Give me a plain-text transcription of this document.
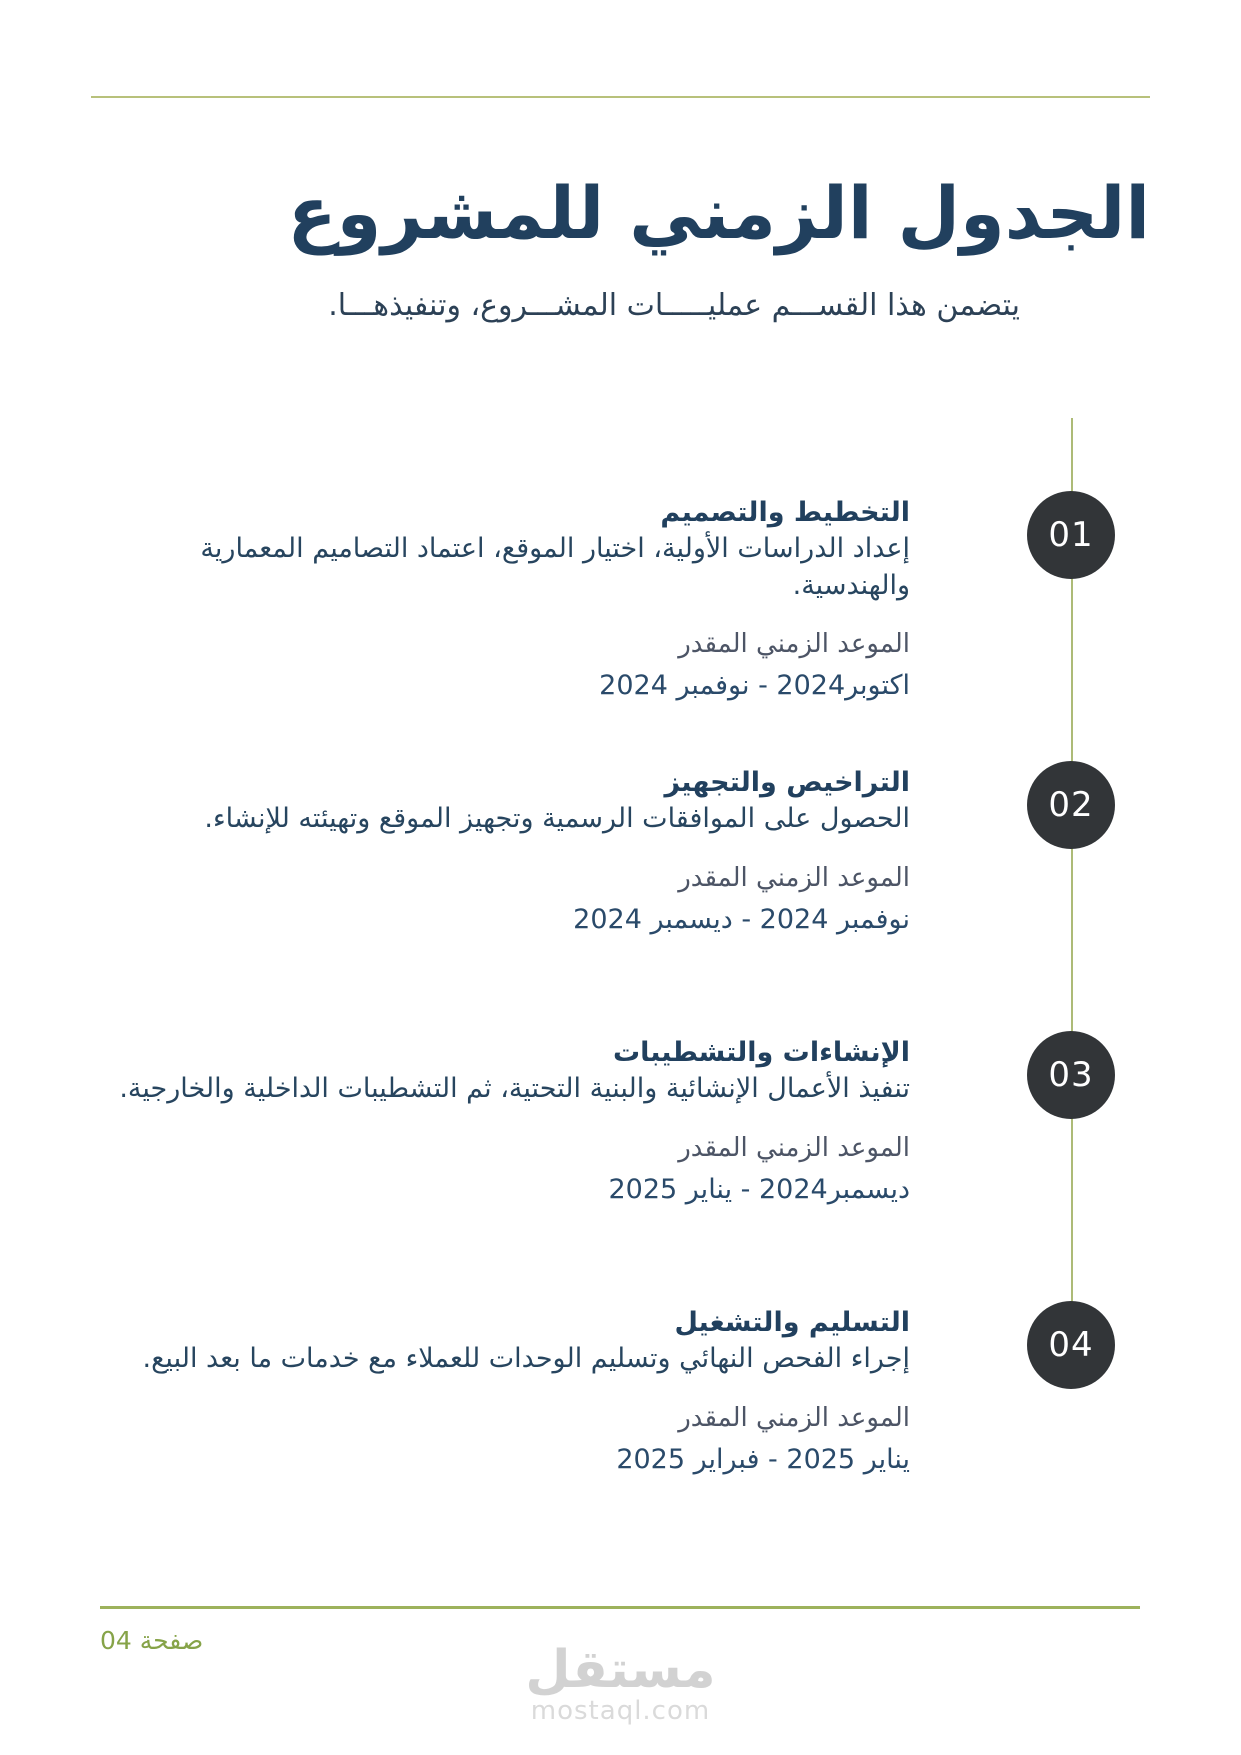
الجدول الزمني للمشروع

يتضمن هذا القســـم عمليـــــات المشـــروع، وتنفيذهـــا.

01
التخطيط والتصميم
إعداد الدراسات الأولية، اختيار الموقع، اعتماد التصاميم المعمارية والهندسية.
الموعد الزمني المقدر
اكتوبر2024 - نوفمبر 2024
02
التراخيص والتجهيز
الحصول على الموافقات الرسمية وتجهيز الموقع وتهيئته للإنشاء.
الموعد الزمني المقدر
نوفمبر 2024 - ديسمبر 2024
03
الإنشاءات والتشطيبات
تنفيذ الأعمال الإنشائية والبنية التحتية، ثم التشطيبات الداخلية والخارجية.
الموعد الزمني المقدر
ديسمبر2024 - يناير 2025
04
التسليم والتشغيل
إجراء الفحص النهائي وتسليم الوحدات للعملاء مع خدمات ما بعد البيع.
الموعد الزمني المقدر
يناير 2025 - فبراير 2025
صفحة 04	مستقل
mostaql.com
